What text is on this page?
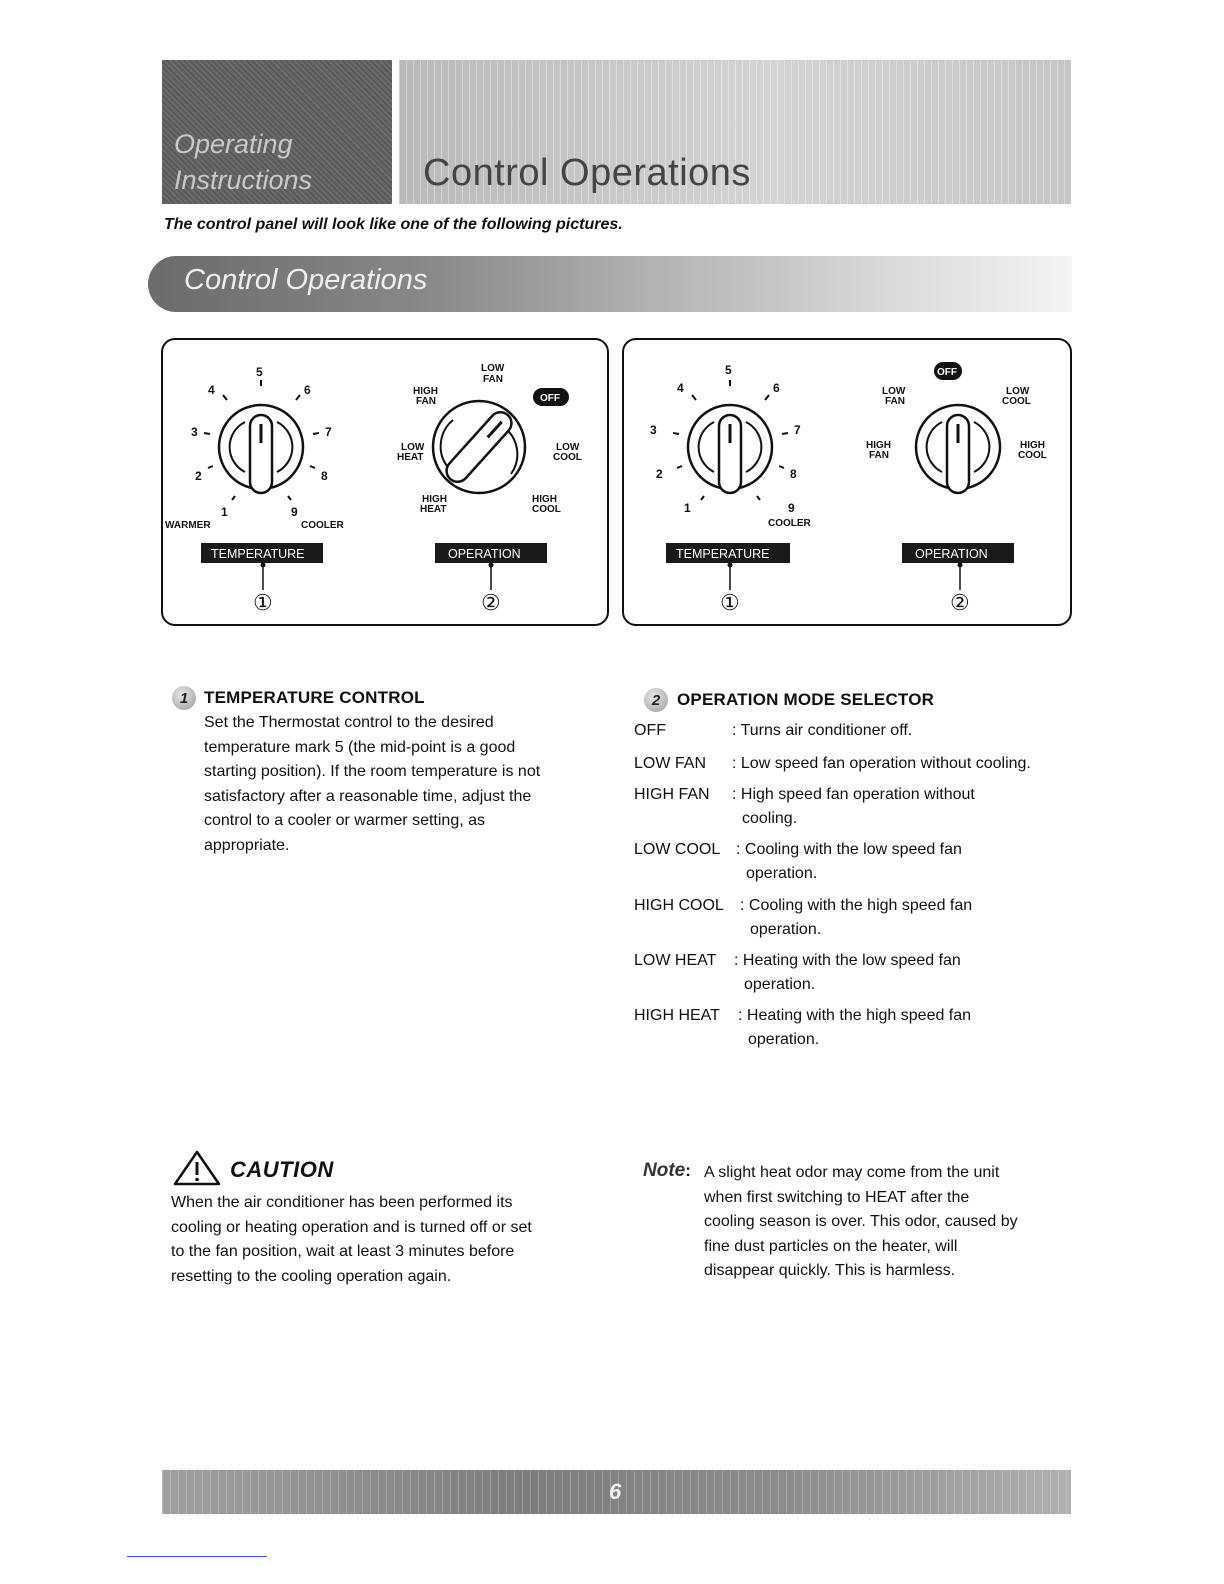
Operating
Instructions	Control Operations
The control panel will look like one of the following pictures.
Control Operations
5
4	6
3	7
2	8
1	9
WARMER	COOLER
LOW
FAN
HIGH
FAN	OFF
LOW
HEAT
LOW
COOL
HIGH
HEAT
HIGH
COOL
TEMPERATURE	OPERATION
①	②
5
4	6
3	7
2	8
1	9
COOLER
OFF
LOW
FAN
LOW
COOL
HIGH
FAN
HIGH
COOL
TEMPERATURE	OPERATION
①	②
1 TEMPERATURE CONTROL
Set the Thermostat control to the desired
temperature mark 5 (the mid-point is a good
starting position). If the room temperature is not
satisfactory after a reasonable time, adjust the
control to a cooler or warmer setting, as
appropriate.
2 OPERATION MODE SELECTOR
OFF	: Turns air conditioner off.
LOW FAN : Low speed fan operation without cooling.
HIGH FAN : High speed fan operation without
cooling.
LOW COOL : Cooling with the low speed fan
operation.
HIGH COOL : Cooling with the high speed fan
operation.
LOW HEAT : Heating with the low speed fan
operation.
HIGH HEAT : Heating with the high speed fan
operation.
CAUTION
When the air conditioner has been performed its
cooling or heating operation and is turned off or set
to the fan position, wait at least 3 minutes before
resetting to the cooling operation again.
Note: A slight heat odor may come from the unit
when first switching to HEAT after the
cooling season is over. This odor, caused by
fine dust particles on the heater, will
disappear quickly. This is harmless.
6
